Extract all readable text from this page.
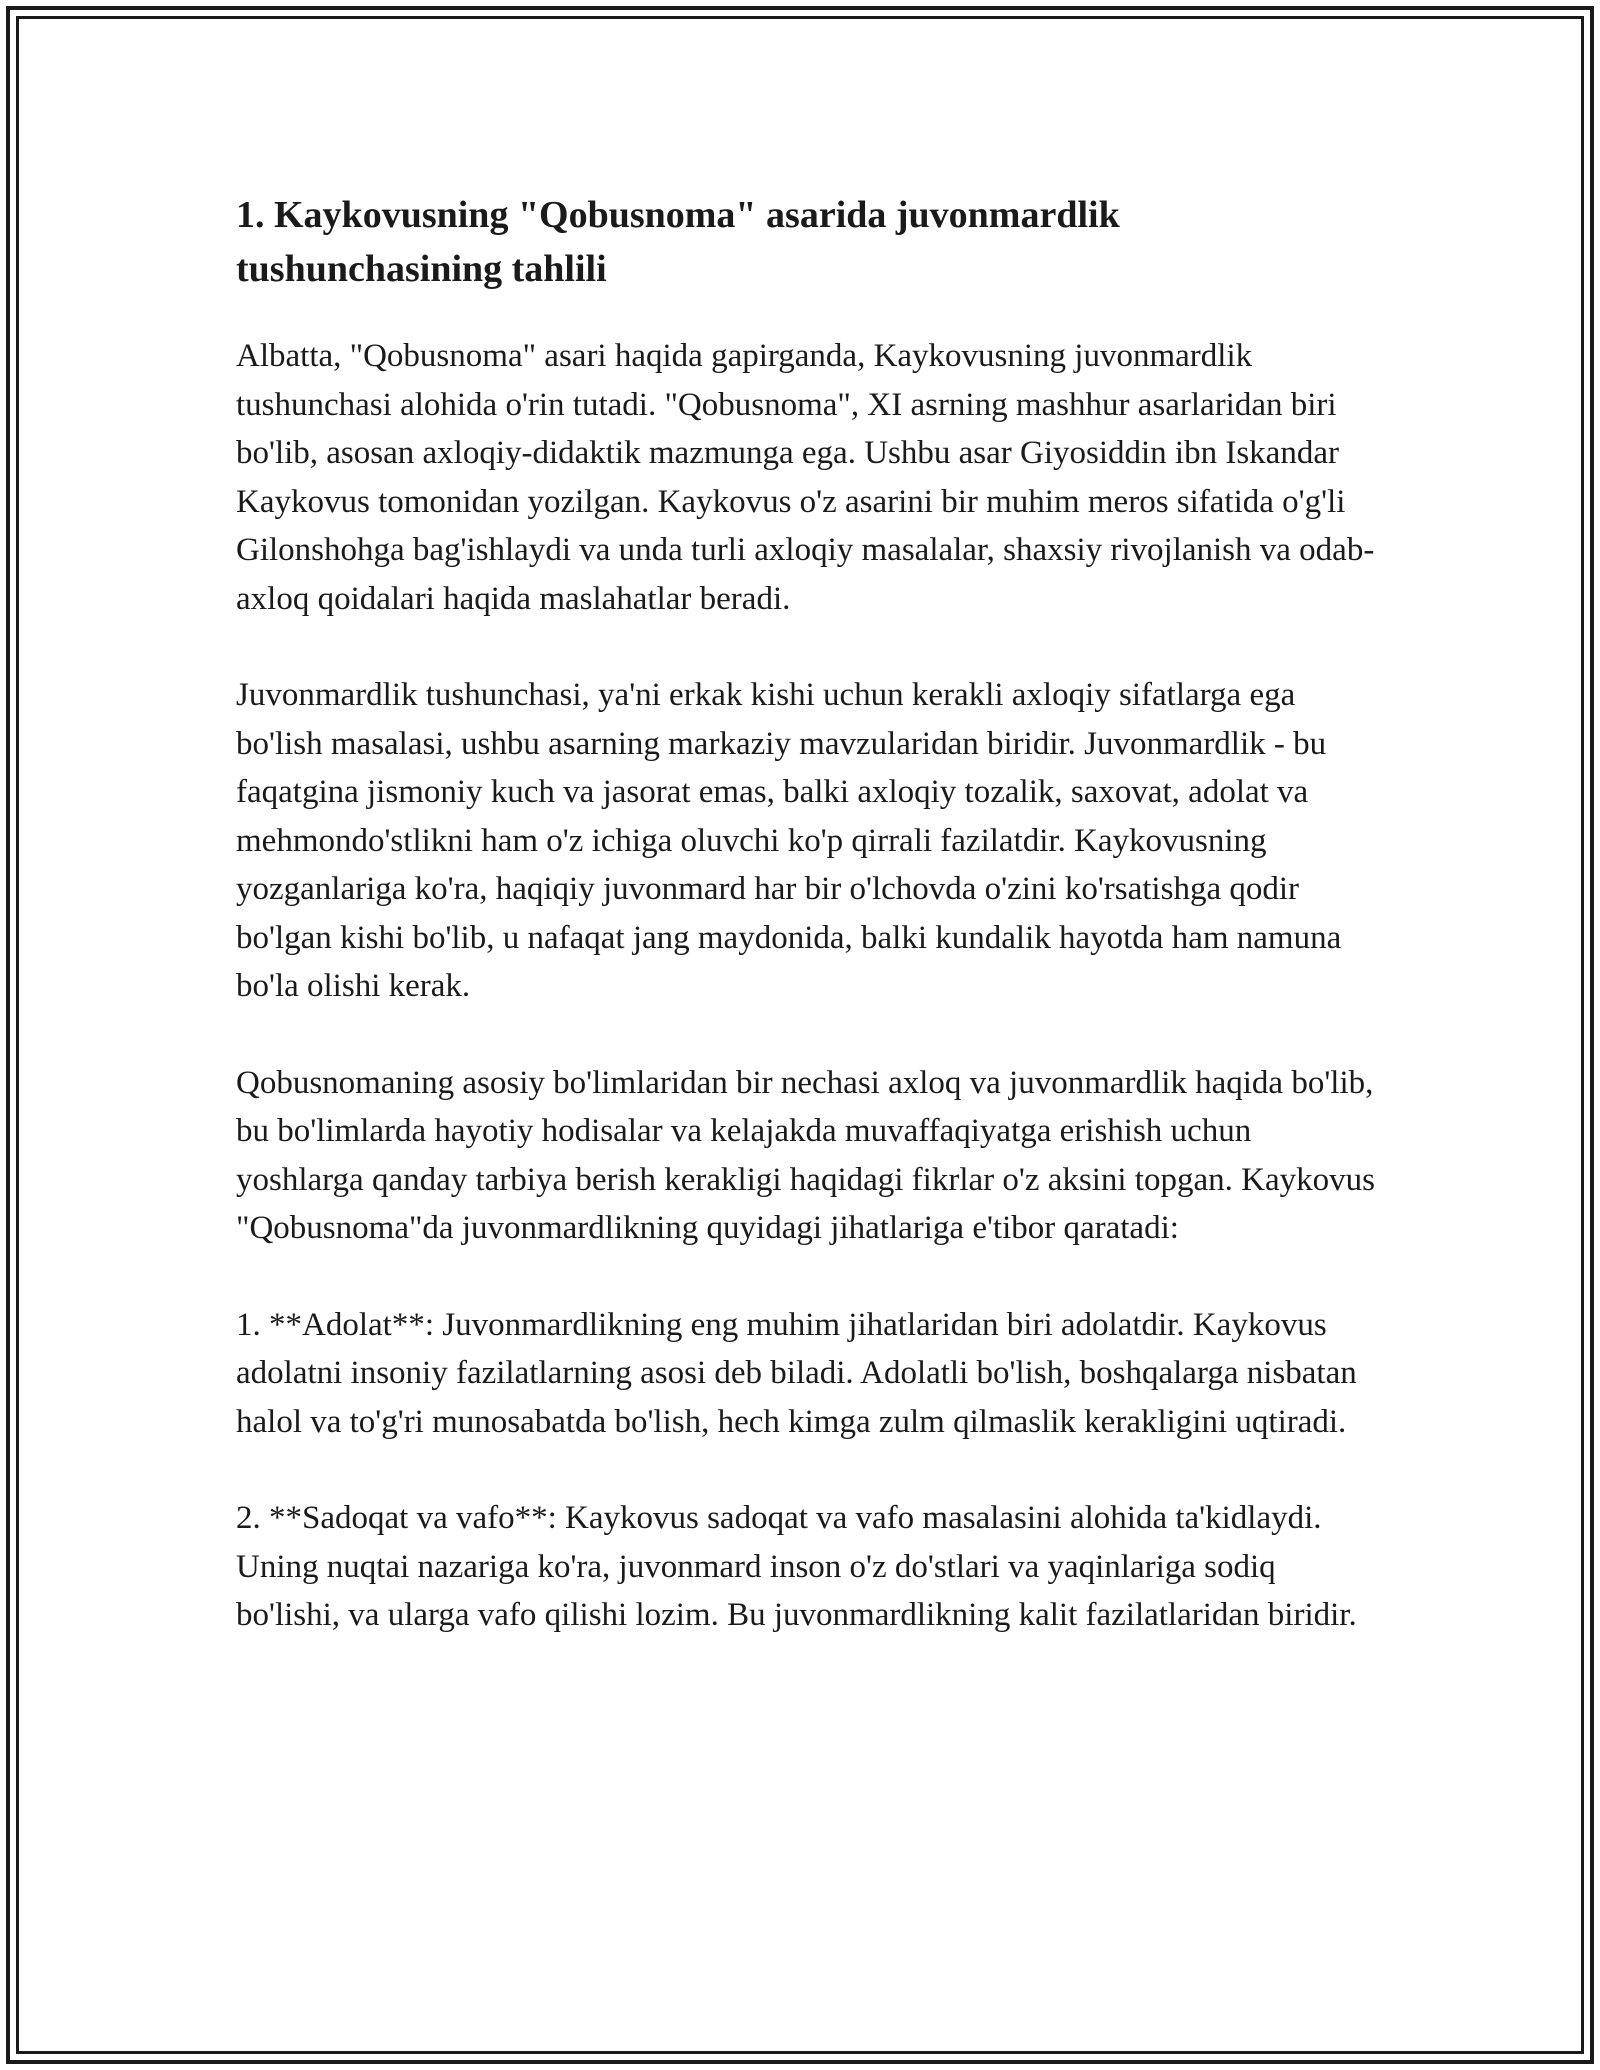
1. Kaykovusning "Qobusnoma" asarida juvonmardlik tushunchasining tahlili

Albatta, "Qobusnoma" asari haqida gapirganda, Kaykovusning juvonmardlik tushunchasi alohida o'rin tutadi. "Qobusnoma", XI asrning mashhur asarlaridan biri bo'lib, asosan axloqiy-didaktik mazmunga ega. Ushbu asar Giyosiddin ibn Iskandar Kaykovus tomonidan yozilgan. Kaykovus o'z asarini bir muhim meros sifatida o'g'li Gilonshohga bag'ishlaydi va unda turli axloqiy masalalar, shaxsiy rivojlanish va odab-axloq qoidalari haqida maslahatlar beradi.

Juvonmardlik tushunchasi, ya'ni erkak kishi uchun kerakli axloqiy sifatlarga ega bo'lish masalasi, ushbu asarning markaziy mavzularidan biridir. Juvonmardlik - bu faqatgina jismoniy kuch va jasorat emas, balki axloqiy tozalik, saxovat, adolat va mehmondo'stlikni ham o'z ichiga oluvchi ko'p qirrali fazilatdir. Kaykovusning yozganlariga ko'ra, haqiqiy juvonmard har bir o'lchovda o'zini ko'rsatishga qodir bo'lgan kishi bo'lib, u nafaqat jang maydonida, balki kundalik hayotda ham namuna bo'la olishi kerak.

Qobusnomaning asosiy bo'limlaridan bir nechasi axloq va juvonmardlik haqida bo'lib, bu bo'limlarda hayotiy hodisalar va kelajakda muvaffaqiyatga erishish uchun yoshlarga qanday tarbiya berish kerakligi haqidagi fikrlar o'z aksini topgan. Kaykovus "Qobusnoma"da juvonmardlikning quyidagi jihatlariga e'tibor qaratadi:

1. **Adolat**: Juvonmardlikning eng muhim jihatlaridan biri adolatdir. Kaykovus adolatni insoniy fazilatlarning asosi deb biladi. Adolatli bo'lish, boshqalarga nisbatan halol va to'g'ri munosabatda bo'lish, hech kimga zulm qilmaslik kerakligini uqtiradi.

2. **Sadoqat va vafo**: Kaykovus sadoqat va vafo masalasini alohida ta'kidlaydi. Uning nuqtai nazariga ko'ra, juvonmard inson o'z do'stlari va yaqinlariga sodiq bo'lishi, va ularga vafo qilishi lozim. Bu juvonmardlikning kalit fazilatlaridan biridir.
